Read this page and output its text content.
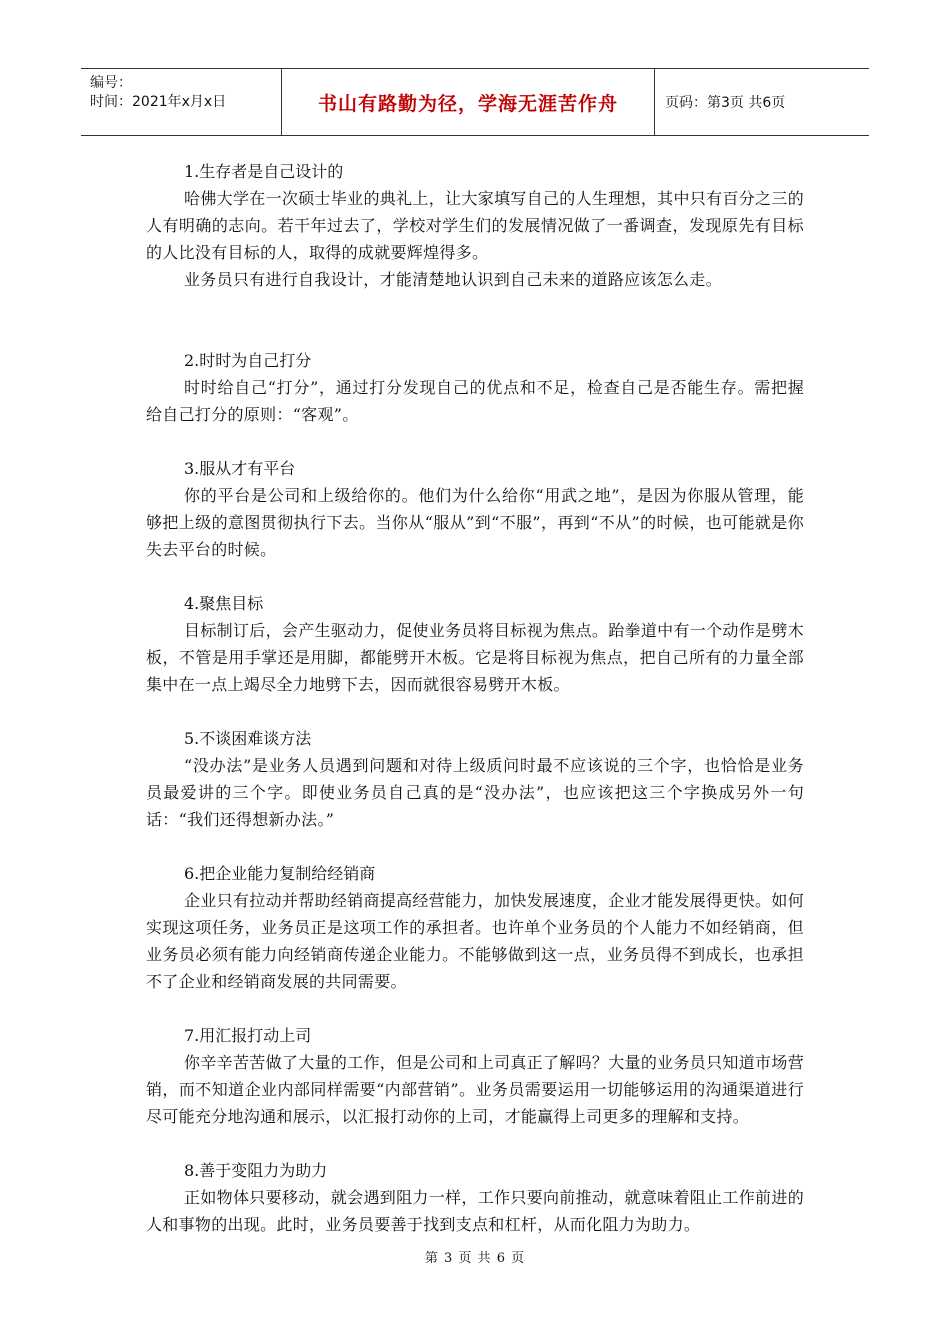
编号：
时间：2021年x月x日	书山有路勤为径，学海无涯苦作舟	页码：第3页 共6页

1.生存者是自己设计的

哈佛大学在一次硕士毕业的典礼上，让大家填写自己的人生理想，其中只有百分之三的人有明确的志向。若干年过去了，学校对学生们的发展情况做了一番调查，发现原先有目标的人比没有目标的人，取得的成就要辉煌得多。

业务员只有进行自我设计，才能清楚地认识到自己未来的道路应该怎么走。

2.时时为自己打分

时时给自己“打分”，通过打分发现自己的优点和不足，检查自己是否能生存。需把握给自己打分的原则：“客观”。

3.服从才有平台

你的平台是公司和上级给你的。他们为什么给你“用武之地”，是因为你服从管理，能够把上级的意图贯彻执行下去。当你从“服从”到“不服”，再到“不从”的时候，也可能就是你失去平台的时候。

4.聚焦目标

目标制订后，会产生驱动力，促使业务员将目标视为焦点。跆拳道中有一个动作是劈木板，不管是用手掌还是用脚，都能劈开木板。它是将目标视为焦点，把自己所有的力量全部集中在一点上竭尽全力地劈下去，因而就很容易劈开木板。

5.不谈困难谈方法

“没办法”是业务人员遇到问题和对待上级质问时最不应该说的三个字，也恰恰是业务员最爱讲的三个字。即使业务员自己真的是“没办法”，也应该把这三个字换成另外一句话：“我们还得想新办法。”

6.把企业能力复制给经销商

企业只有拉动并帮助经销商提高经营能力，加快发展速度，企业才能发展得更快。如何实现这项任务，业务员正是这项工作的承担者。也许单个业务员的个人能力不如经销商，但业务员必须有能力向经销商传递企业能力。不能够做到这一点，业务员得不到成长，也承担不了企业和经销商发展的共同需要。

7.用汇报打动上司

你辛辛苦苦做了大量的工作，但是公司和上司真正了解吗？大量的业务员只知道市场营销，而不知道企业内部同样需要“内部营销”。业务员需要运用一切能够运用的沟通渠道进行尽可能充分地沟通和展示，以汇报打动你的上司，才能赢得上司更多的理解和支持。

8.善于变阻力为助力

正如物体只要移动，就会遇到阻力一样，工作只要向前推动，就意味着阻止工作前进的人和事物的出现。此时，业务员要善于找到支点和杠杆，从而化阻力为助力。

第 3 页 共 6 页
